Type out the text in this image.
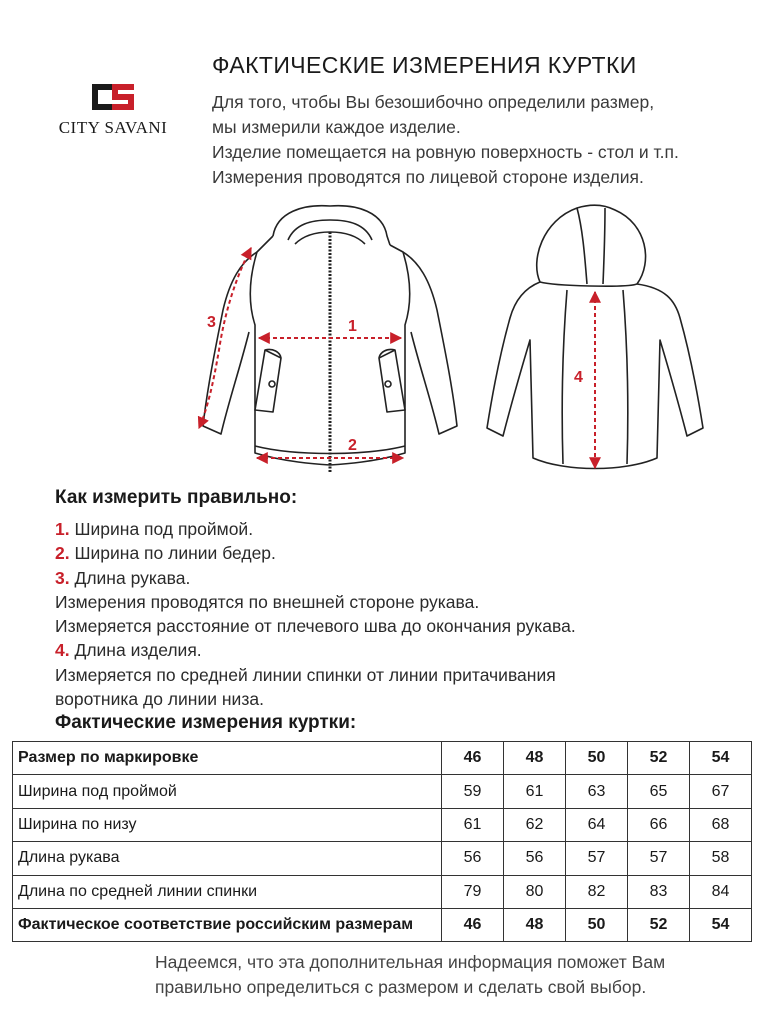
CITY SAVANI
ФАКТИЧЕСКИЕ ИЗМЕРЕНИЯ КУРТКИ
Для того, чтобы Вы безошибочно определили размер,
мы измерили каждое изделие.
Изделие помещается на ровную поверхность - стол и т.п.
Измерения проводятся по лицевой стороне изделия.
1
2
3
4
Как измерить правильно:
1. Ширина под проймой.
2. Ширина по линии бедер.
3. Длина рукава.
Измерения проводятся по внешней стороне рукава.
Измеряется расстояние от плечевого шва до окончания рукава.
4. Длина изделия.
Измеряется по средней линии спинки от линии притачивания
воротника до линии низа.
Фактические измерения куртки:
Размер по маркировке	46	48	50	52	54
Ширина под проймой	59	61	63	65	67
Ширина по низу	61	62	64	66	68
Длина рукава	56	56	57	57	58
Длина по средней линии спинки	79	80	82	83	84
Фактическое соответствие российским размерам	46	48	50	52	54
Надеемся, что эта дополнительная информация поможет Вам
правильно определиться с размером и сделать свой выбор.
